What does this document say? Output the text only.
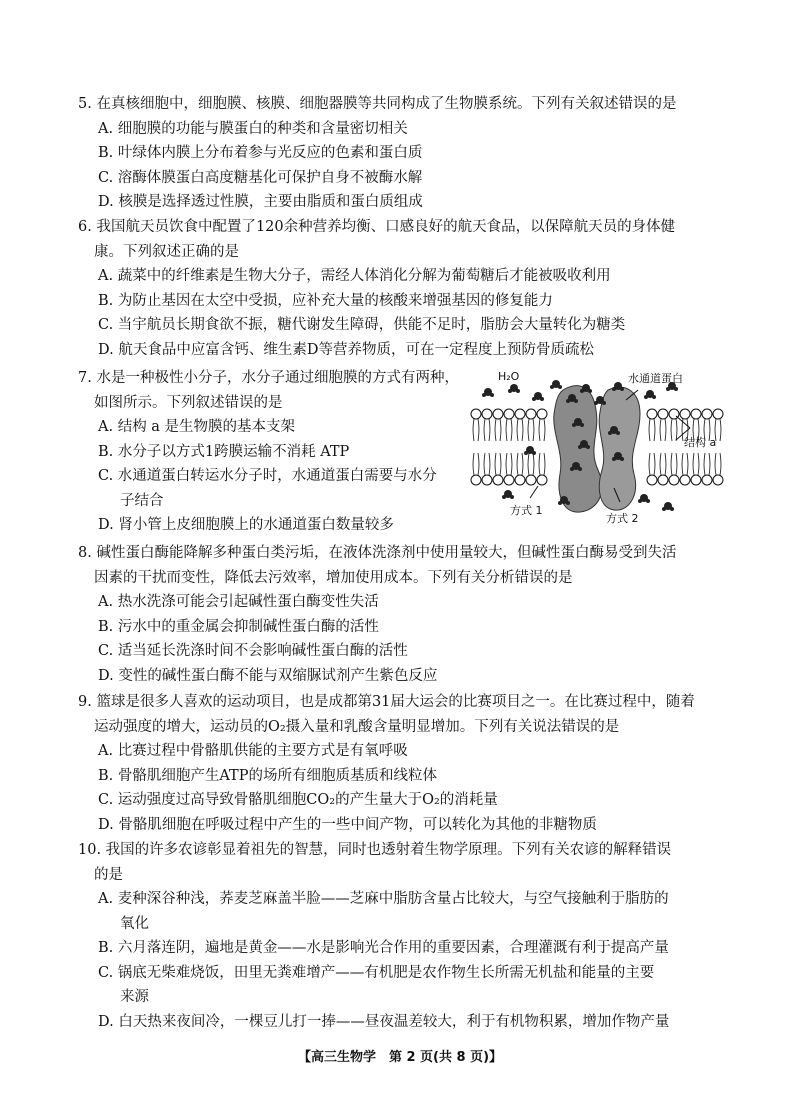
5. 在真核细胞中，细胞膜、核膜、细胞器膜等共同构成了生物膜系统。下列有关叙述错误的是
A. 细胞膜的功能与膜蛋白的种类和含量密切相关
B. 叶绿体内膜上分布着参与光反应的色素和蛋白质
C. 溶酶体膜蛋白高度糖基化可保护自身不被酶水解
D. 核膜是选择透过性膜，主要由脂质和蛋白质组成
6. 我国航天员饮食中配置了120余种营养均衡、口感良好的航天食品，以保障航天员的身体健
康。下列叙述正确的是
A. 蔬菜中的纤维素是生物大分子，需经人体消化分解为葡萄糖后才能被吸收利用
B. 为防止基因在太空中受损，应补充大量的核酸来增强基因的修复能力
C. 当宇航员长期食欲不振，糖代谢发生障碍，供能不足时，脂肪会大量转化为糖类
D. 航天食品中应富含钙、维生素D等营养物质，可在一定程度上预防骨质疏松
7. 水是一种极性小分子，水分子通过细胞膜的方式有两种，
如图所示。下列叙述错误的是
A. 结构 a 是生物膜的基本支架
B. 水分子以方式1跨膜运输不消耗 ATP
C. 水通道蛋白转运水分子时，水通道蛋白需要与水分
子结合
D. 肾小管上皮细胞膜上的水通道蛋白数量较多
H₂O	水通道蛋白
结构 a
方式 1
方式 2
8. 碱性蛋白酶能降解多种蛋白类污垢，在液体洗涤剂中使用量较大，但碱性蛋白酶易受到失活
因素的干扰而变性，降低去污效率，增加使用成本。下列有关分析错误的是
A. 热水洗涤可能会引起碱性蛋白酶变性失活
B. 污水中的重金属会抑制碱性蛋白酶的活性
C. 适当延长洗涤时间不会影响碱性蛋白酶的活性
D. 变性的碱性蛋白酶不能与双缩脲试剂产生紫色反应
9. 篮球是很多人喜欢的运动项目，也是成都第31届大运会的比赛项目之一。在比赛过程中，随着
运动强度的增大，运动员的O₂摄入量和乳酸含量明显增加。下列有关说法错误的是
A. 比赛过程中骨骼肌供能的主要方式是有氧呼吸
B. 骨骼肌细胞产生ATP的场所有细胞质基质和线粒体
C. 运动强度过高导致骨骼肌细胞CO₂的产生量大于O₂的消耗量
D. 骨骼肌细胞在呼吸过程中产生的一些中间产物，可以转化为其他的非糖物质
10. 我国的许多农谚彰显着祖先的智慧，同时也透射着生物学原理。下列有关农谚的解释错误
的是
A. 麦种深谷种浅，荞麦芝麻盖半脸——芝麻中脂肪含量占比较大，与空气接触利于脂肪的
氧化
B. 六月落连阴，遍地是黄金——水是影响光合作用的重要因素，合理灌溉有利于提高产量
C. 锅底无柴难烧饭，田里无粪难增产——有机肥是农作物生长所需无机盐和能量的主要
来源
D. 白天热来夜间冷，一棵豆儿打一捧——昼夜温差较大，利于有机物积累，增加作物产量
【高三生物学　第 2 页(共 8 页)】
